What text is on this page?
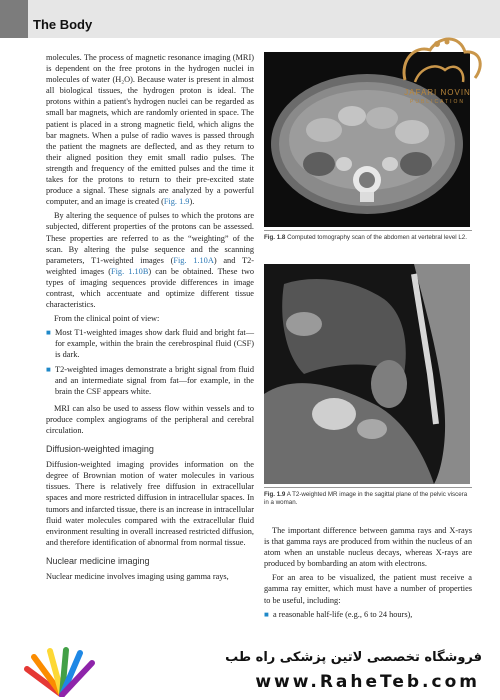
The Body

molecules. The process of magnetic resonance imaging (MRI) is dependent on the free protons in the hydrogen nuclei in molecules of water (H₂O). Because water is present in almost all biological tissues, the hydrogen proton is ideal. The protons within a patient's hydrogen nuclei can be regarded as small bar magnets, which are randomly oriented in space. The patient is placed in a strong magnetic field, which aligns the bar magnets. When a pulse of radio waves is passed through the patient the magnets are deflected, and as they return to their aligned position they emit small radio pulses. The strength and frequency of the emitted pulses and the time it takes for the protons to return to their pre-excited state produce a signal. These signals are analyzed by a powerful computer, and an image is created (Fig. 1.9).

By altering the sequence of pulses to which the protons are subjected, different properties of the protons can be assessed. These properties are referred to as the “weighting” of the scan. By altering the pulse sequence and the scanning parameters, T1-weighted images (Fig. 1.10A) and T2-weighted images (Fig. 1.10B) can be obtained. These two types of imaging sequences provide differences in image contrast, which accentuate and optimize different tissue characteristics.

From the clinical point of view:

■ Most T1-weighted images show dark fluid and bright fat—for example, within the brain the cerebrospinal fluid (CSF) is dark.
■ T2-weighted images demonstrate a bright signal from fluid and an intermediate signal from fat—for example, in the brain the CSF appears white.

MRI can also be used to assess flow within vessels and to produce complex angiograms of the peripheral and cerebral circulation.

Diffusion-weighted imaging

Diffusion-weighted imaging provides information on the degree of Brownian motion of water molecules in various tissues. There is relatively free diffusion in extracellular spaces and more restricted diffusion in intracellular spaces. In tumors and infarcted tissue, there is an increase in intracellular fluid water molecules compared with the extracellular fluid environment resulting in overall increased restricted diffusion, and therefore identification of abnormal from normal tissue.

Nuclear medicine imaging

Nuclear medicine involves imaging using gamma rays,

Fig. 1.8 Computed tomography scan of the abdomen at vertebral level L2.
Fig. 1.9 A T2-weighted MR image in the sagittal plane of the pelvic viscera in a woman.

The important difference between gamma rays and X-rays is that gamma rays are produced from within the nucleus of an atom when an unstable nucleus decays, whereas X-rays are produced by bombarding an atom with electrons.

For an area to be visualized, the patient must receive a gamma ray emitter, which must have a number of properties to be useful, including:

■ a reasonable half-life (e.g., 6 to 24 hours),
JAFARI NOVIN
PUBLICATION
فروشگاه تخصصی لاتین پزشکی راه طب
www.RaheTeb.com
